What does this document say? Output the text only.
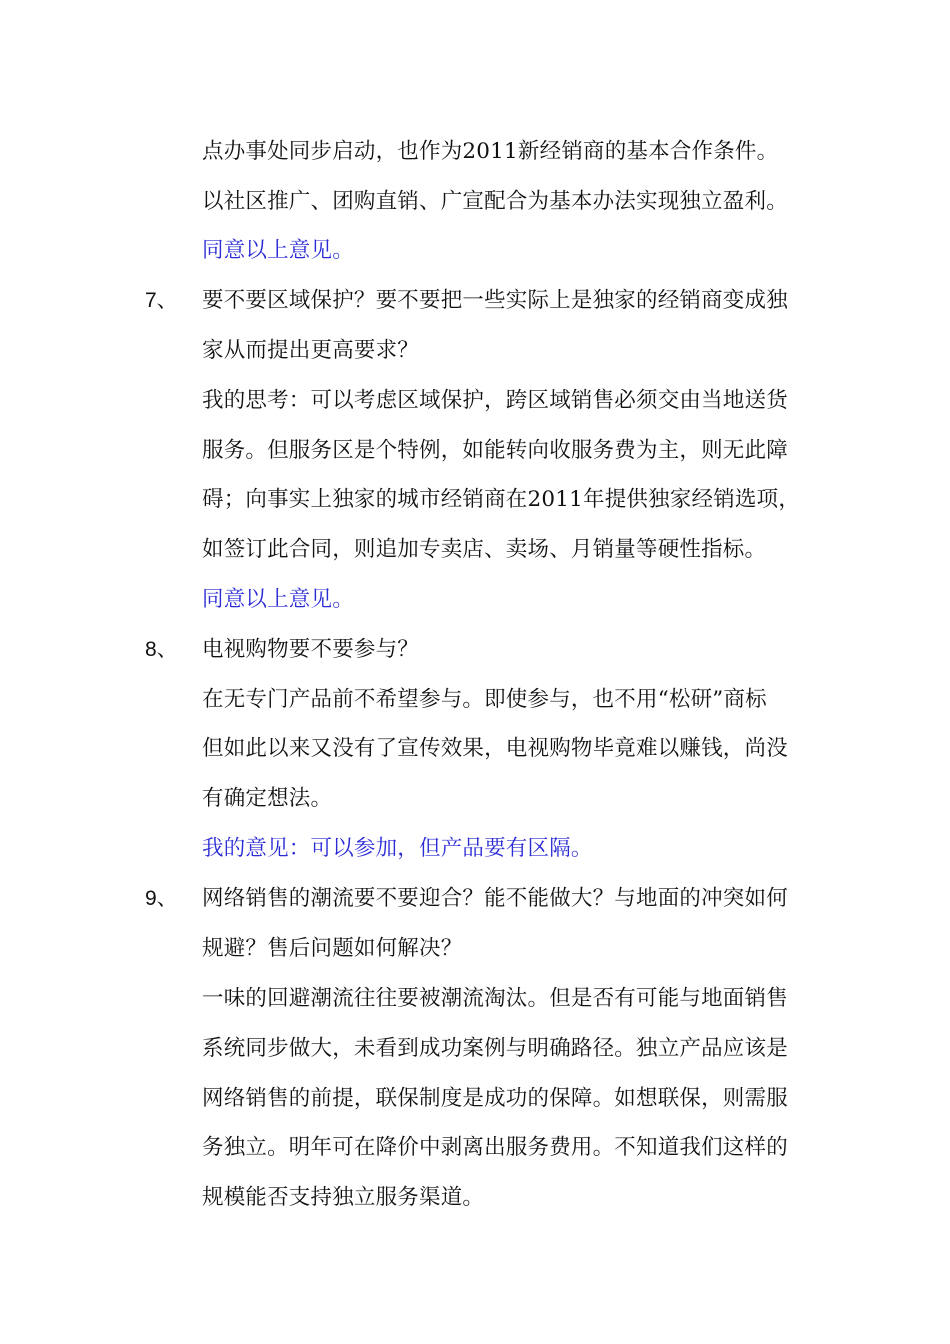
点办事处同步启动，也作为2011新经销商的基本合作条件。
以社区推广、团购直销、广宣配合为基本办法实现独立盈利。
同意以上意见。
7、	要不要区域保护？要不要把一些实际上是独家的经销商变成独
家从而提出更高要求？
我的思考：可以考虑区域保护，跨区域销售必须交由当地送货
服务。但服务区是个特例，如能转向收服务费为主，则无此障
碍；向事实上独家的城市经销商在2011年提供独家经销选项，
如签订此合同，则追加专卖店、卖场、月销量等硬性指标。
同意以上意见。
8、	电视购物要不要参与？
在无专门产品前不希望参与。即使参与，也不用“松研”商标
但如此以来又没有了宣传效果，电视购物毕竟难以赚钱，尚没
有确定想法。
我的意见：可以参加，但产品要有区隔。
9、	网络销售的潮流要不要迎合？能不能做大？与地面的冲突如何
规避？售后问题如何解决？
一味的回避潮流往往要被潮流淘汰。但是否有可能与地面销售
系统同步做大，未看到成功案例与明确路径。独立产品应该是
网络销售的前提，联保制度是成功的保障。如想联保，则需服
务独立。明年可在降价中剥离出服务费用。不知道我们这样的
规模能否支持独立服务渠道。
